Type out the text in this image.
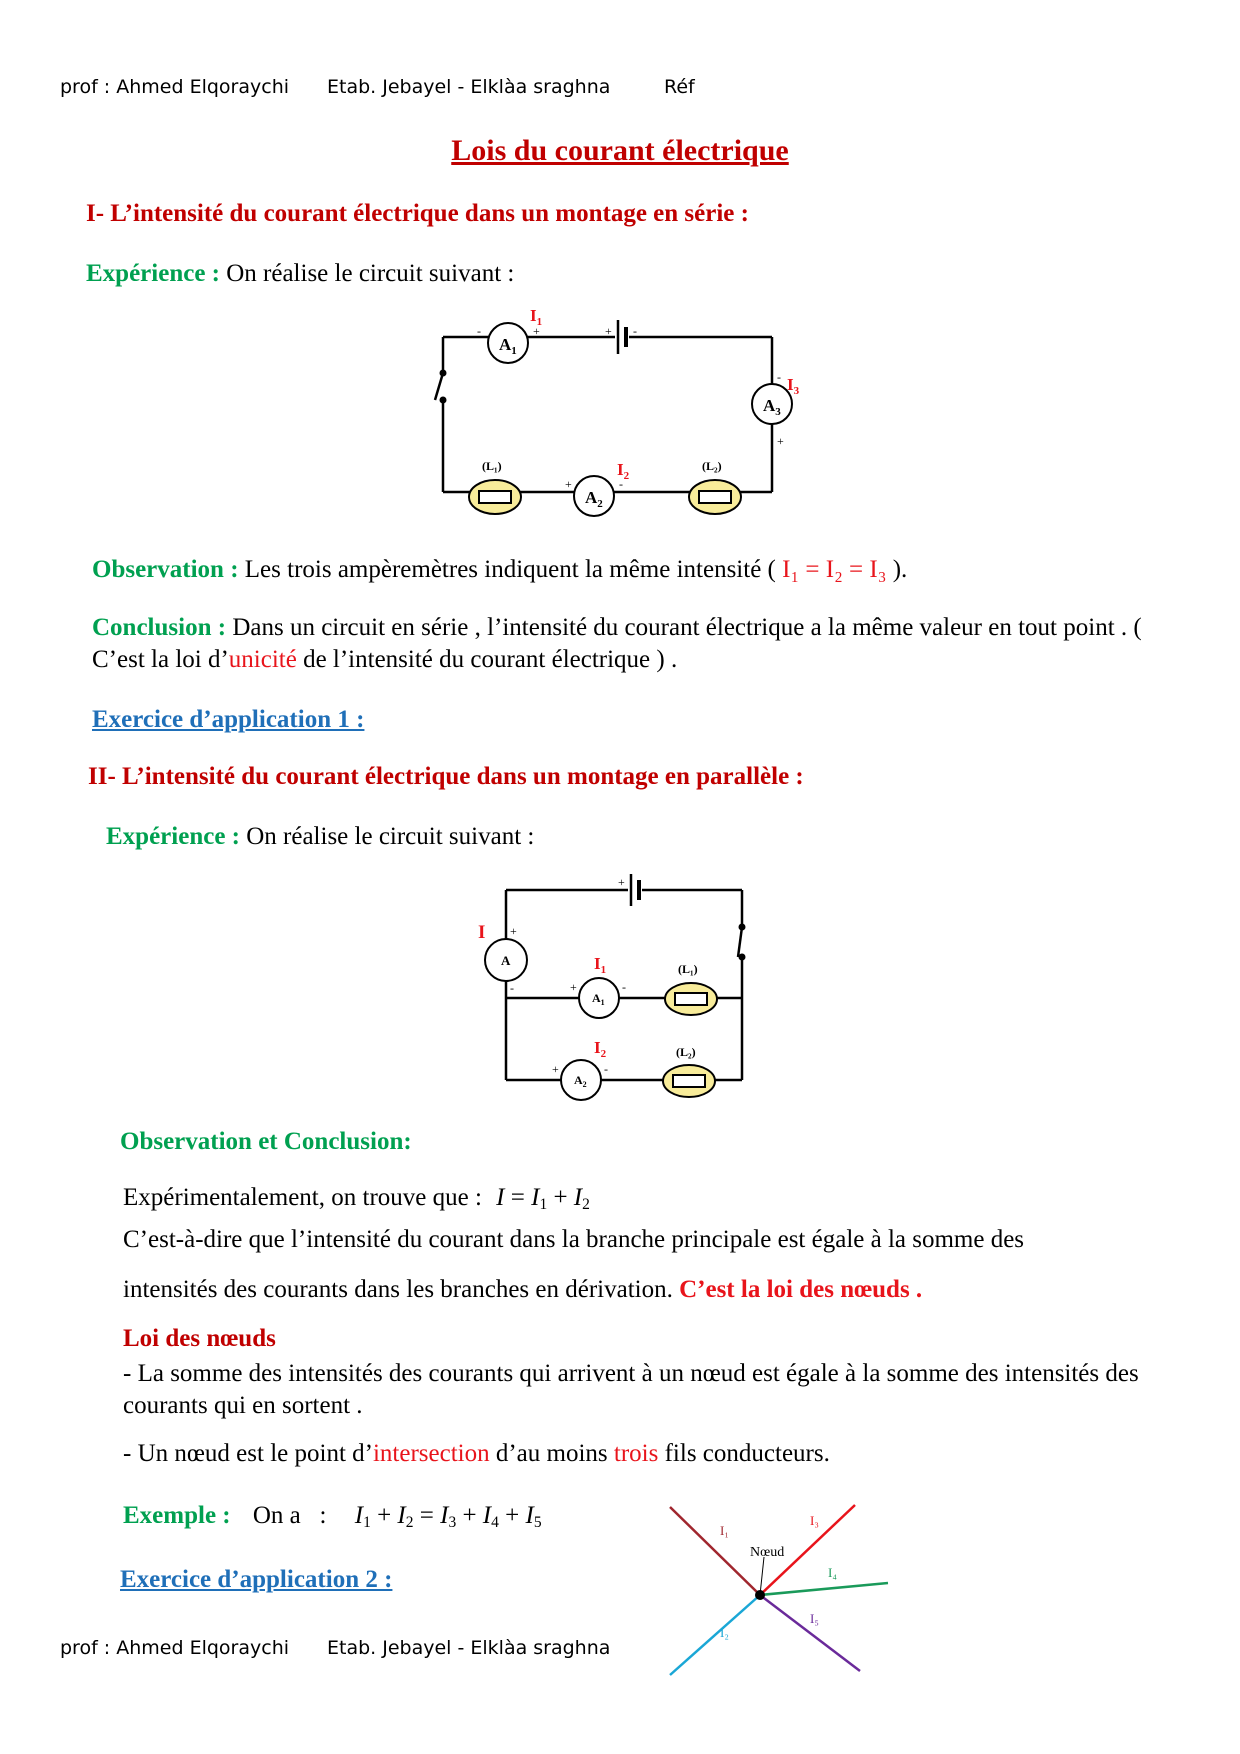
prof : Ahmed Elqoraychi Etab. Jebayel - Elklàa sraghna	Réf
Lois du courant électrique
I- L’intensité du courant électrique dans un montage en série :
Expérience : On réalise le circuit suivant :
+ -
$A_1$
-	+
$I_1$
$A_3$
-
+
$I_3$
$A_2$
+	-
$I_2$
(L₁)	(L₂)
Observation : Les trois ampèremètres indiquent la même intensité ( I₁ = I₂ = I₃ ).
Conclusion : Dans un circuit en série , l’intensité du courant électrique a la même valeur en tout point . ( C’est la loi d’unicité de l’intensité du courant électrique ) .
Exercice d’application 1 :
II- L’intensité du courant électrique dans un montage en parallèle :
Expérience : On réalise le circuit suivant :
+
A
+
-
I
$A_1$
+	-
$I_1$	(L₁)
$A_2$
+	-
$I_2$	(L₂)
Observation et Conclusion:
Expérimentalement, on trouve que : $I = I_1 + I_2$
C’est-à-dire que l’intensité du courant dans la branche principale est égale à la somme des
intensités des courants dans les branches en dérivation. C’est la loi des nœuds .
Loi des nœuds
- La somme des intensités des courants qui arrivent à un nœud est égale à la somme des intensités des courants qui en sortent .
- Un nœud est le point d’intersection d’au moins trois fils conducteurs.
Exemple : On a   : $I_1 + I_2 = I_3 + I_4 + I_5$
Exercice d’application 2 :
Nœud
I₁
I₂
I₃
I₄
I₅
prof : Ahmed Elqoraychi Etab. Jebayel - Elklàa sraghna
